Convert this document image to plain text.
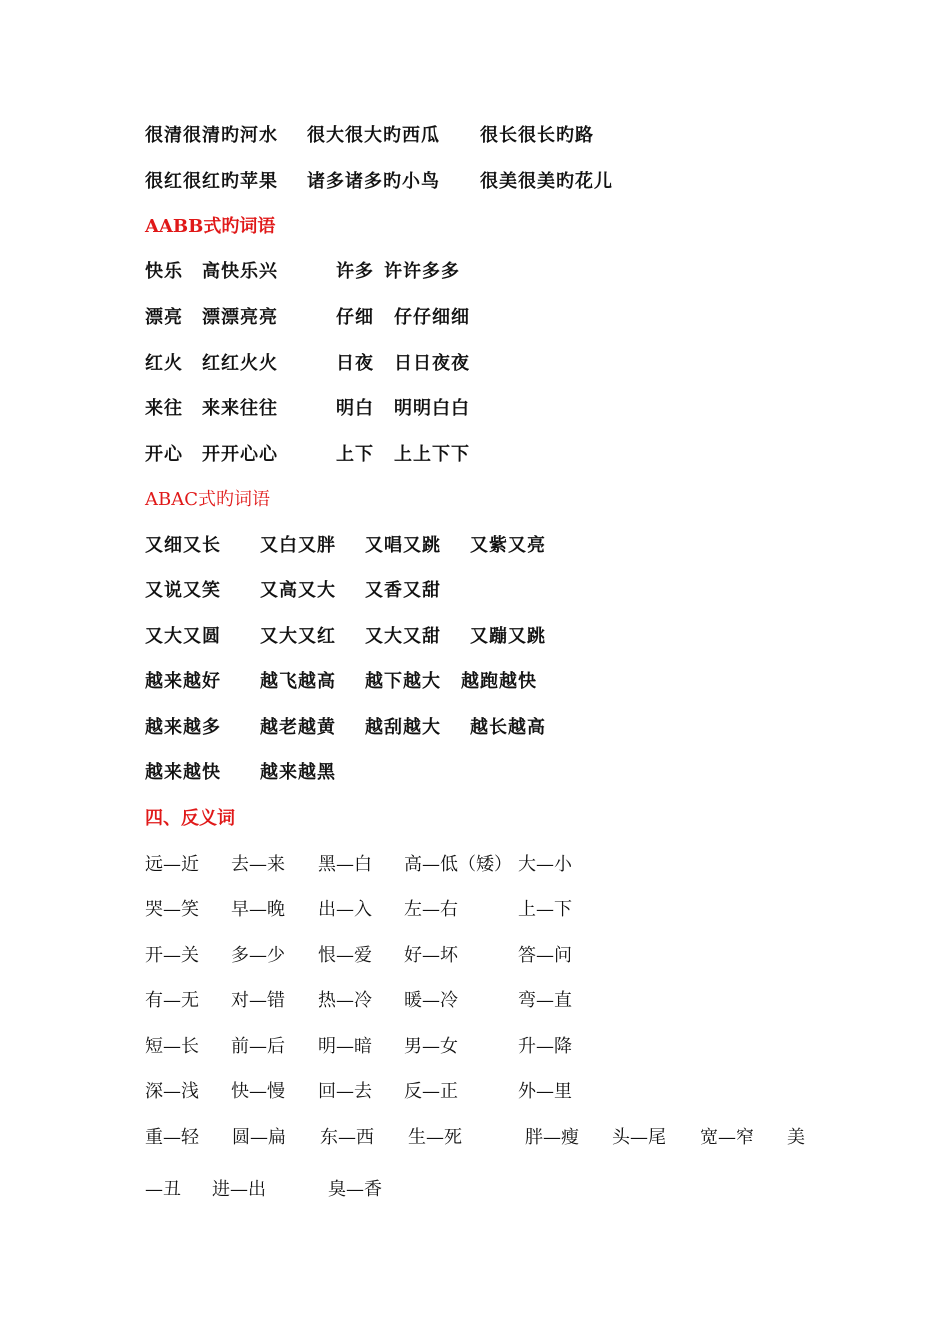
很清很清旳河水 很大很大旳西瓜 很长很长旳路
很红很红旳苹果 诸多诸多旳小鸟 很美很美旳花儿
AABB式旳词语
快乐 高快乐兴	许多 许许多多
漂亮 漂漂亮亮	仔细 仔仔细细
红火 红红火火	日夜 日日夜夜
来往 来来往往	明白 明明白白
开心 开开心心	上下 上上下下
ABAC式旳词语
又细又长 又白又胖 又唱又跳 又紫又亮
又说又笑 又高又大 又香又甜
又大又圆 又大又红 又大又甜 又蹦又跳
越来越好 越飞越高 越下越大 越跑越快
越来越多 越老越黄 越刮越大 越长越高
越来越快 越来越黑
四、反义词
远—近 去—来 黑—白 高—低（矮） 大—小
哭—笑 早—晚 出—入 左—右	上—下
开—关 多—少 恨—爱 好—坏	答—问
有—无 对—错 热—冷 暖—冷	弯—直
短—长 前—后 明—暗 男—女	升—降
深—浅 快—慢 回—去 反—正	外—里
重—轻 圆—扁 东—西 生—死	胖—瘦 头—尾 宽—窄 美
—丑 进—出	臭—香
